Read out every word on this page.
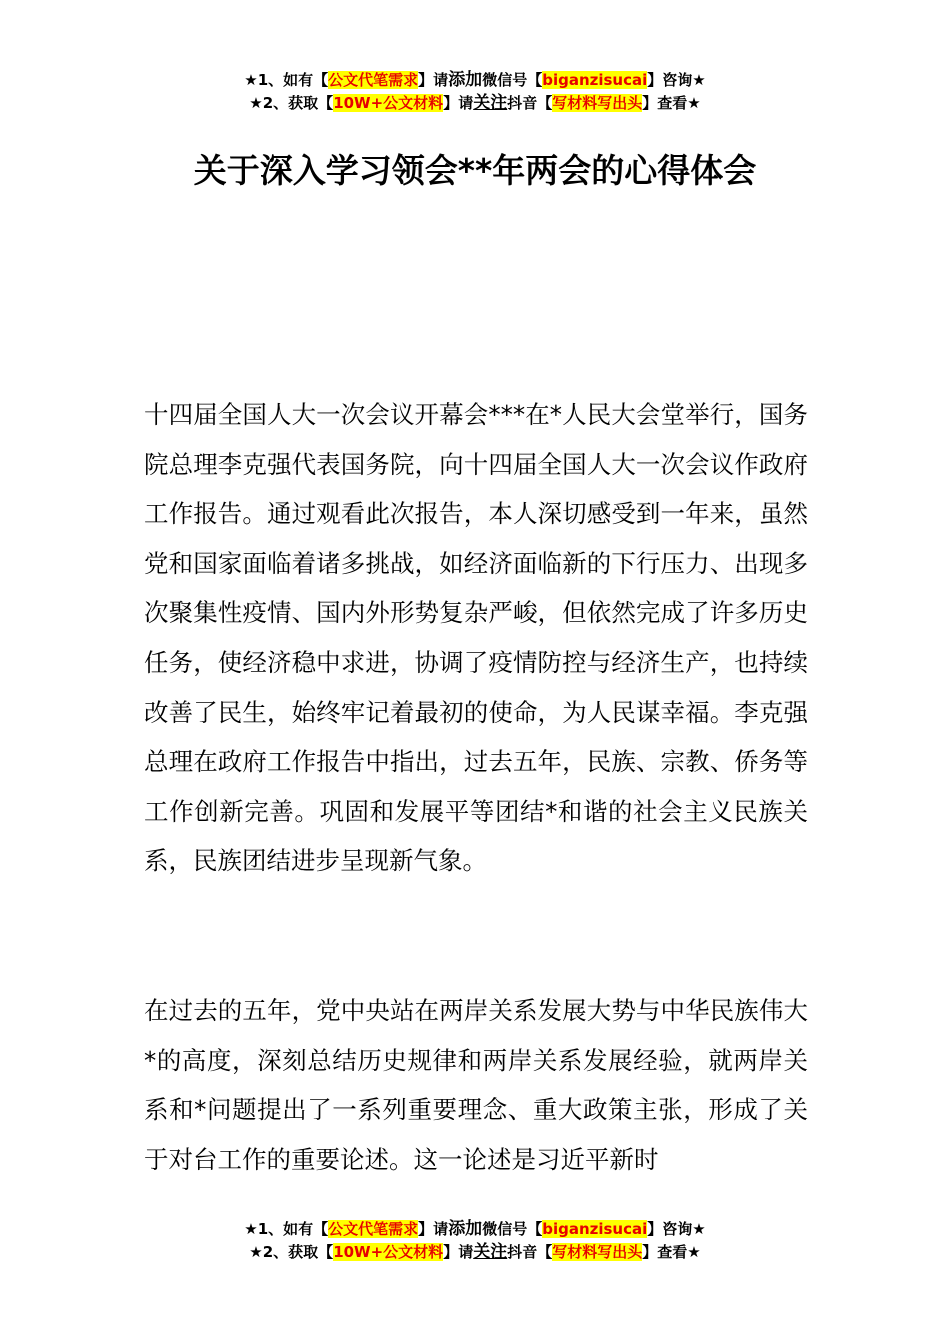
★1、如有【公文代笔需求】请添加微信号【biganzisucai】咨询★
★2、获取【10W+公文材料】请关注抖音【写材料写出头】查看★
关于深入学习领会**年两会的心得体会

十四届全国人大一次会议开幕会***在*人民大会堂举行，国务院总理李克强代表国务院，向十四届全国人大一次会议作政府工作报告。通过观看此次报告，本人深切感受到一年来，虽然党和国家面临着诸多挑战，如经济面临新的下行压力、出现多次聚集性疫情、国内外形势复杂严峻，但依然完成了许多历史任务，使经济稳中求进，协调了疫情防控与经济生产，也持续改善了民生，始终牢记着最初的使命，为人民谋幸福。李克强总理在政府工作报告中指出，过去五年，民族、宗教、侨务等工作创新完善。巩固和发展平等团结*和谐的社会主义民族关系，民族团结进步呈现新气象。

在过去的五年，党中央站在两岸关系发展大势与中华民族伟大*的高度，深刻总结历史规律和两岸关系发展经验，就两岸关系和*问题提出了一系列重要理念、重大政策主张，形成了关于对台工作的重要论述。这一论述是习近平新时

★1、如有【公文代笔需求】请添加微信号【biganzisucai】咨询★
★2、获取【10W+公文材料】请关注抖音【写材料写出头】查看★
